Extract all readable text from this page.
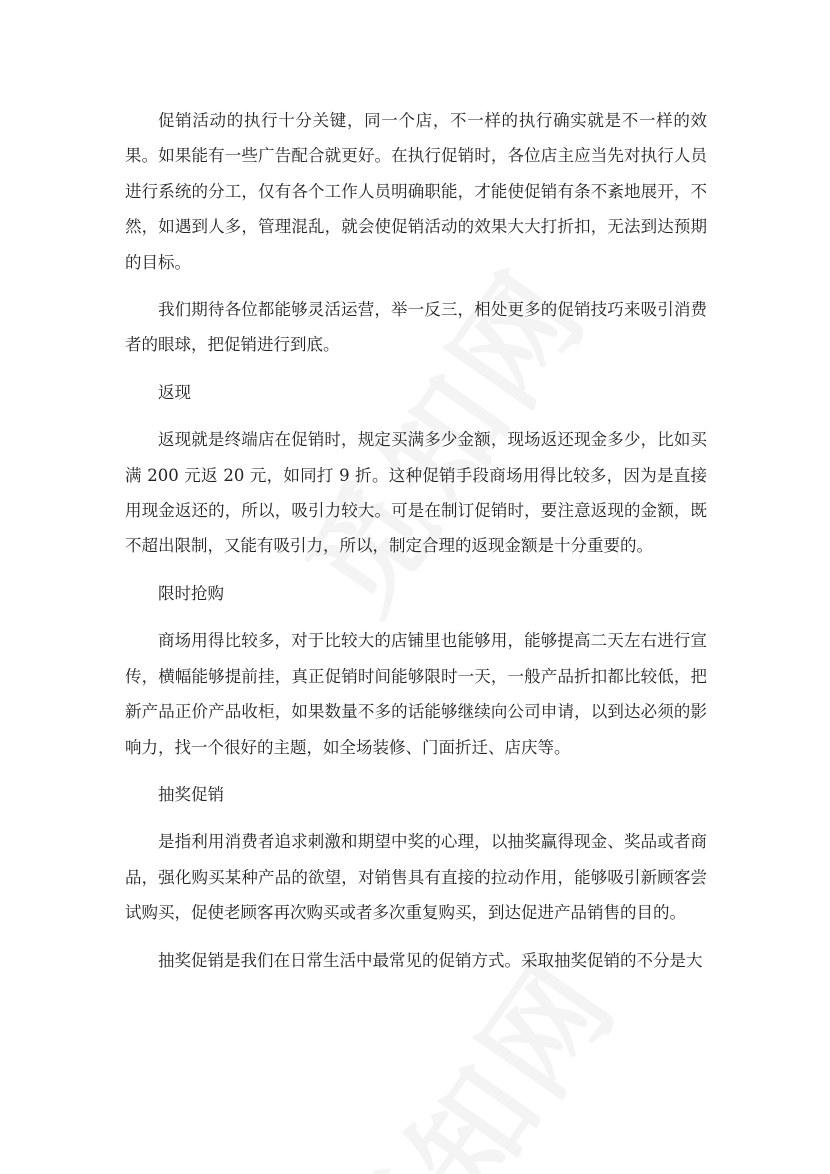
促销活动的执行十分关键，同一个店，不一样的执行确实就是不一样的效果。如果能有一些广告配合就更好。在执行促销时，各位店主应当先对执行人员进行系统的分工，仅有各个工作人员明确职能，才能使促销有条不紊地展开，不然，如遇到人多，管理混乱，就会使促销活动的效果大大打折扣，无法到达预期的目标。

我们期待各位都能够灵活运营，举一反三，相处更多的促销技巧来吸引消费者的眼球，把促销进行到底。

返现

返现就是终端店在促销时，规定买满多少金额，现场返还现金多少，比如买满 200 元返 20 元，如同打 9 折。这种促销手段商场用得比较多，因为是直接用现金返还的，所以，吸引力较大。可是在制订促销时，要注意返现的金额，既不超出限制，又能有吸引力，所以，制定合理的返现金额是十分重要的。

限时抢购

商场用得比较多，对于比较大的店铺里也能够用，能够提高二天左右进行宣传，横幅能够提前挂，真正促销时间能够限时一天，一般产品折扣都比较低，把新产品正价产品收柜，如果数量不多的话能够继续向公司申请，以到达必须的影响力，找一个很好的主题，如全场装修、门面折迁、店庆等。

抽奖促销

是指利用消费者追求刺激和期望中奖的心理，以抽奖赢得现金、奖品或者商品，强化购买某种产品的欲望，对销售具有直接的拉动作用，能够吸引新顾客尝试购买，促使老顾客再次购买或者多次重复购买，到达促进产品销售的目的。

抽奖促销是我们在日常生活中最常见的促销方式。采取抽奖促销的不分是大
